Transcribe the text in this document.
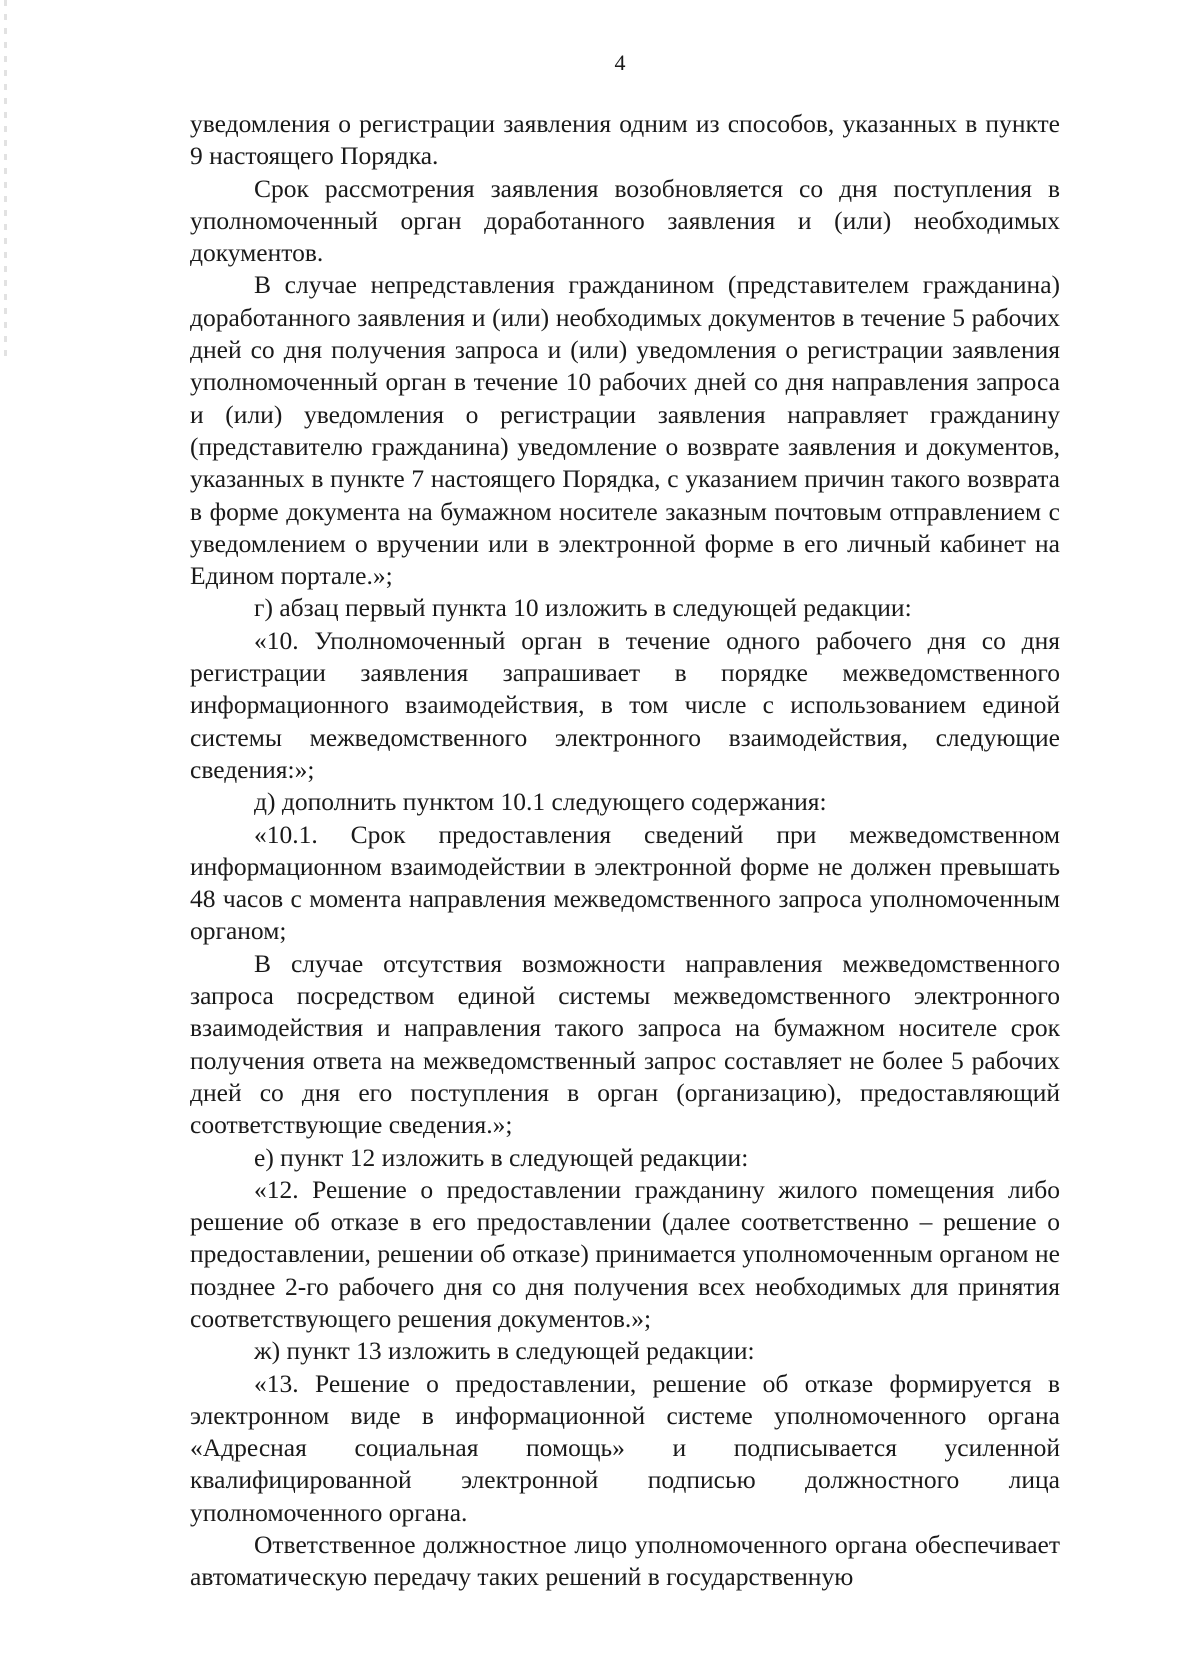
4

уведомления о регистрации заявления одним из способов, указанных в пункте 9 настоящего Порядка.

Срок рассмотрения заявления возобновляется со дня поступления в уполномоченный орган доработанного заявления и (или) необходимых документов.

В случае непредставления гражданином (представителем гражданина) доработанного заявления и (или) необходимых документов в течение 5 рабочих дней со дня получения запроса и (или) уведомления о регистрации заявления уполномоченный орган в течение 10 рабочих дней со дня направления запроса и (или) уведомления о регистрации заявления направляет гражданину (представителю гражданина) уведомление о возврате заявления и документов, указанных в пункте 7 настоящего Порядка, с указанием причин такого возврата в форме документа на бумажном носителе заказным почтовым отправлением с уведомлением о вручении или в электронной форме в его личный кабинет на Едином портале.»;

г) абзац первый пункта 10 изложить в следующей редакции:

«10. Уполномоченный орган в течение одного рабочего дня со дня регистрации заявления запрашивает в порядке межведомственного информационного взаимодействия, в том числе с использованием единой системы межведомственного электронного взаимодействия, следующие сведения:»;

д) дополнить пунктом 10.1 следующего содержания:

«10.1. Срок предоставления сведений при межведомственном информационном взаимодействии в электронной форме не должен превышать 48 часов с момента направления межведомственного запроса уполномоченным органом;

В случае отсутствия возможности направления межведомственного запроса посредством единой системы межведомственного электронного взаимодействия и направления такого запроса на бумажном носителе срок получения ответа на межведомственный запрос составляет не более 5 рабочих дней со дня его поступления в орган (организацию), предоставляющий соответствующие сведения.»;

е) пункт 12 изложить в следующей редакции:

«12. Решение о предоставлении гражданину жилого помещения либо решение об отказе в его предоставлении (далее соответственно – решение о предоставлении, решении об отказе) принимается уполномоченным органом не позднее 2-го рабочего дня со дня получения всех необходимых для принятия соответствующего решения документов.»;

ж) пункт 13 изложить в следующей редакции:

«13. Решение о предоставлении, решение об отказе формируется в электронном виде в информационной системе уполномоченного органа «Адресная социальная помощь» и подписывается усиленной квалифицированной электронной подписью должностного лица уполномоченного органа.

Ответственное должностное лицо уполномоченного органа обеспечивает автоматическую передачу таких решений в государственную
